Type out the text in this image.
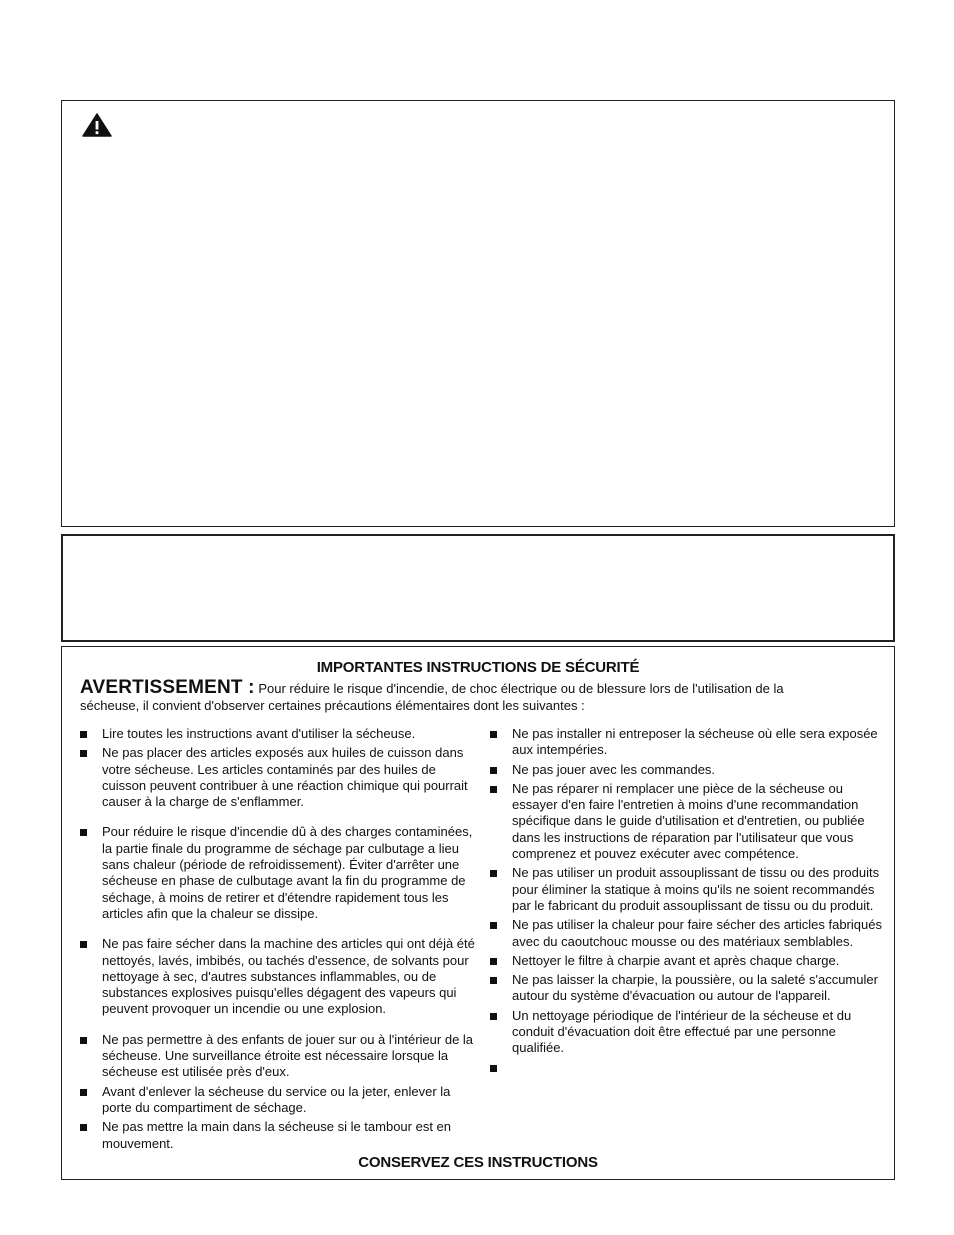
IMPORTANTES INSTRUCTIONS DE SÉCURITÉ
AVERTISSEMENT : Pour réduire le risque d'incendie, de choc électrique ou de blessure lors de l'utilisation de la sécheuse, il convient d'observer certaines précautions élémentaires dont les suivantes :
Lire toutes les instructions avant d'utiliser la sécheuse.
Ne pas placer des articles exposés aux huiles de cuisson dans votre sécheuse. Les articles contaminés par des huiles de cuisson peuvent contribuer à une réaction chimique qui pourrait causer à la charge de s'enflammer.
Pour réduire le risque d'incendie dû à des charges contaminées, la partie finale du programme de séchage par culbutage a lieu sans chaleur (période de refroidissement). Éviter d'arrêter une sécheuse en phase de culbutage avant la fin du programme de séchage, à moins de retirer et d'étendre rapidement tous les articles afin que la chaleur se dissipe.
Ne pas faire sécher dans la machine des articles qui ont déjà été nettoyés, lavés, imbibés, ou tachés d'essence, de solvants pour nettoyage à sec, d'autres substances inflammables, ou de substances explosives puisqu'elles dégagent des vapeurs qui peuvent provoquer un incendie ou une explosion.
Ne pas permettre à des enfants de jouer sur ou à l'intérieur de la sécheuse. Une surveillance étroite est nécessaire lorsque la sécheuse est utilisée près d'eux.
Avant d'enlever la sécheuse du service ou la jeter, enlever la porte du compartiment de séchage.
Ne pas mettre la main dans la sécheuse si le tambour est en mouvement.
Ne pas installer ni entreposer la sécheuse où elle sera exposée aux intempéries.
Ne pas jouer avec les commandes.
Ne pas réparer ni remplacer une pièce de la sécheuse ou essayer d'en faire l'entretien à moins d'une recommandation spécifique dans le guide d'utilisation et d'entretien, ou publiée dans les instructions de réparation par l'utilisateur que vous comprenez et pouvez exécuter avec compétence.
Ne pas utiliser un produit assouplissant de tissu ou des produits pour éliminer la statique à moins qu'ils ne soient recommandés par le fabricant du produit assouplissant de tissu ou du produit.
Ne pas utiliser la chaleur pour faire sécher des articles fabriqués avec du caoutchouc mousse ou des matériaux semblables.
Nettoyer le filtre à charpie avant et après chaque charge.
Ne pas laisser la charpie, la poussière, ou la saleté s'accumuler autour du système d'évacuation ou autour de l'appareil.
Un nettoyage périodique de l'intérieur de la sécheuse et du conduit d'évacuation doit être effectué par une personne qualifiée.

CONSERVEZ CES INSTRUCTIONS
